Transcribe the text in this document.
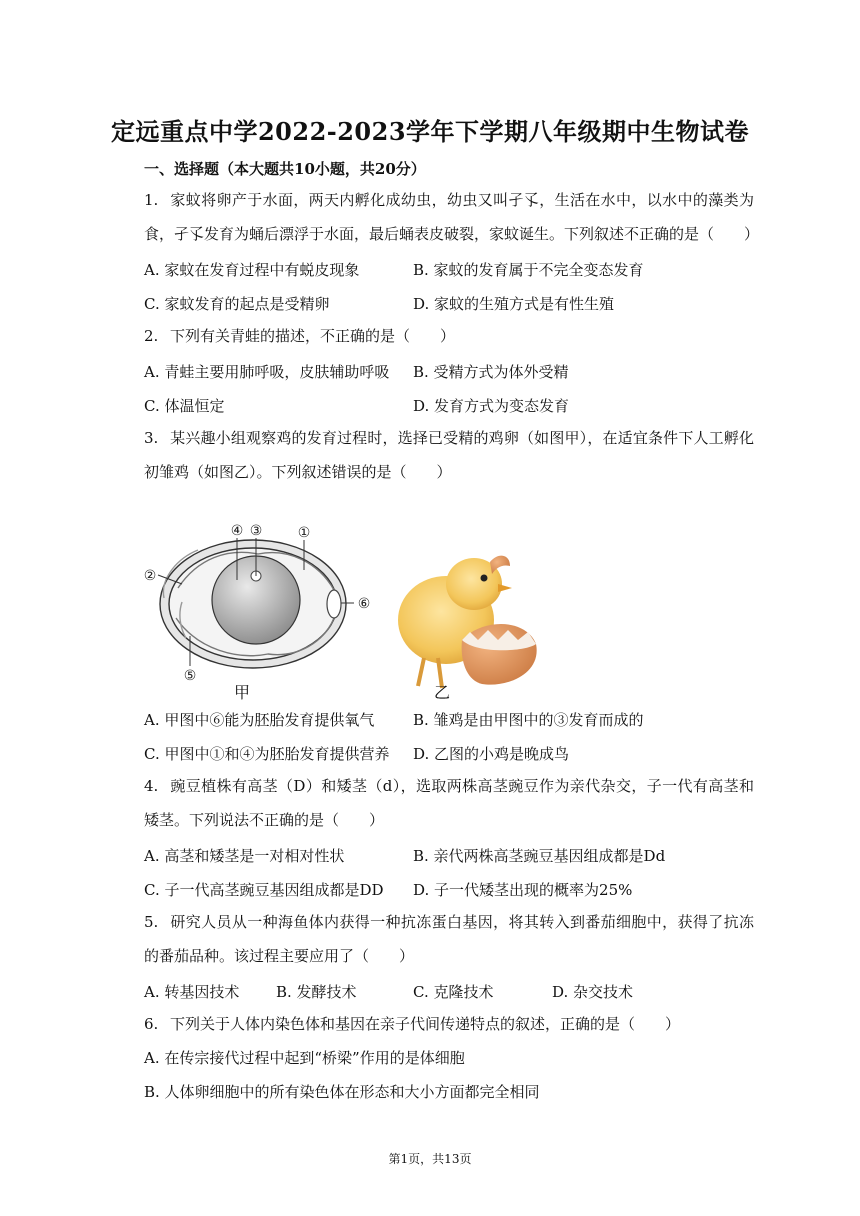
定远重点中学2022-2023学年下学期八年级期中生物试卷
一、选择题（本大题共10小题，共20分）
1. 家蚊将卵产于水面，两天内孵化成幼虫，幼虫又叫孑孓，生活在水中，以水中的藻类为食，孑孓发育为蛹后漂浮于水面，最后蛹表皮破裂，家蚊诞生。下列叙述不正确的是（　　）
A. 家蚊在发育过程中有蜕皮现象	B. 家蚊的发育属于不完全变态发育
C. 家蚊发育的起点是受精卵	D. 家蚊的生殖方式是有性生殖
2. 下列有关青蛙的描述，不正确的是（　　）
A. 青蛙主要用肺呼吸，皮肤辅助呼吸 B. 受精方式为体外受精
C. 体温恒定	D. 发育方式为变态发育
3. 某兴趣小组观察鸡的发育过程时，选择已受精的鸡卵（如图甲），在适宜条件下人工孵化初雏鸡（如图乙）。下列叙述错误的是（　　）
④ ③	①
②
⑤
⑥
甲	乙
A. 甲图中⑥能为胚胎发育提供氧气	B. 雏鸡是由甲图中的③发育而成的
C. 甲图中①和④为胚胎发育提供营养 D. 乙图的小鸡是晚成鸟
4. 豌豆植株有高茎（D）和矮茎（d），选取两株高茎豌豆作为亲代杂交，子一代有高茎和矮茎。下列说法不正确的是（　　）
A. 高茎和矮茎是一对相对性状	B. 亲代两株高茎豌豆基因组成都是Dd
C. 子一代高茎豌豆基因组成都是DD D. 子一代矮茎出现的概率为25%
5. 研究人员从一种海鱼体内获得一种抗冻蛋白基因，将其转入到番茄细胞中，获得了抗冻的番茄品种。该过程主要应用了（　　）
A. 转基因技术 B. 发酵技术	C. 克隆技术	D. 杂交技术
6. 下列关于人体内染色体和基因在亲子代间传递特点的叙述，正确的是（　　）
A. 在传宗接代过程中起到“桥梁”作用的是体细胞
B. 人体卵细胞中的所有染色体在形态和大小方面都完全相同
第1页，共13页
